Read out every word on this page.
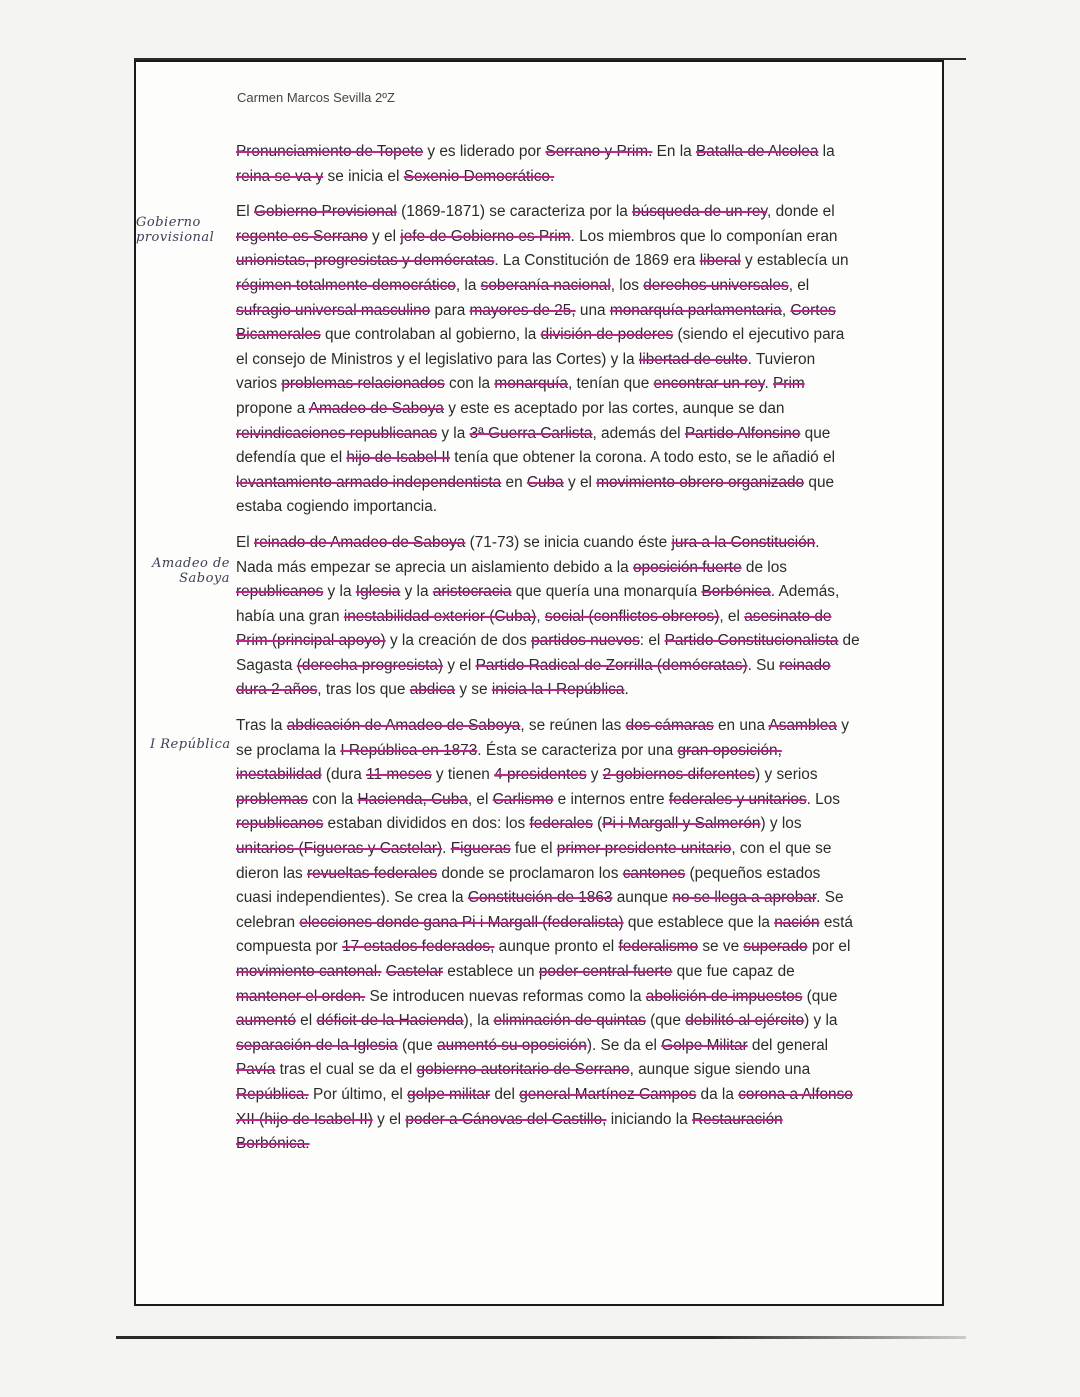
Carmen Marcos Sevilla 2ºZ
Gobierno
provisional
Amadeo de
Saboya
I República

Pronunciamiento de Topete y es liderado por Serrano y Prim. En la Batalla de Alcolea la reina se va y se inicia el Sexenio Democrático.

El Gobierno Provisional (1869-1871) se caracteriza por la búsqueda de un rey, donde el regente es Serrano y el jefe de Gobierno es Prim. Los miembros que lo componían eran unionistas, progresistas y demócratas. La Constitución de 1869 era liberal y establecía un régimen totalmente democrático, la soberanía nacional, los derechos universales, el sufragio universal masculino para mayores de 25, una monarquía parlamentaria, Cortes Bicamerales que controlaban al gobierno, la división de poderes (siendo el ejecutivo para el consejo de Ministros y el legislativo para las Cortes) y la libertad de culto. Tuvieron varios problemas relacionados con la monarquía, tenían que encontrar un rey. Prim propone a Amadeo de Saboya y este es aceptado por las cortes, aunque se dan reivindicaciones republicanas y la 3ª Guerra Carlista, además del Partido Alfonsino que defendía que el hijo de Isabel II tenía que obtener la corona. A todo esto, se le añadió el levantamiento armado independentista en Cuba y el movimiento obrero organizado que estaba cogiendo importancia.

El reinado de Amadeo de Saboya (71-73) se inicia cuando éste jura a la Constitución. Nada más empezar se aprecia un aislamiento debido a la oposición fuerte de los republicanos y la Iglesia y la aristocracia que quería una monarquía Borbónica. Además, había una gran inestabilidad exterior (Cuba), social (conflictos obreros), el asesinato de Prim (principal apoyo) y la creación de dos partidos nuevos: el Partido Constitucionalista de Sagasta (derecha progresista) y el Partido Radical de Zorrilla (demócratas). Su reinado dura 2 años, tras los que abdica y se inicia la I República.

Tras la abdicación de Amadeo de Saboya, se reúnen las dos cámaras en una Asamblea y se proclama la I República en 1873. Ésta se caracteriza por una gran oposición, inestabilidad (dura 11 meses y tienen 4 presidentes y 2 gobiernos diferentes) y serios problemas con la Hacienda, Cuba, el Carlismo e internos entre federales y unitarios. Los republicanos estaban divididos en dos: los federales (Pi i Margall y Salmerón) y los unitarios (Figueras y Castelar). Figueras fue el primer presidente unitario, con el que se dieron las revueltas federales donde se proclamaron los cantones (pequeños estados cuasi independientes). Se crea la Constitución de 1863 aunque no se llega a aprobar. Se celebran elecciones donde gana Pi i Margall (federalista) que establece que la nación está compuesta por 17 estados federados, aunque pronto el federalismo se ve superado por el movimiento cantonal. Castelar establece un poder central fuerte que fue capaz de mantener el orden. Se introducen nuevas reformas como la abolición de impuestos (que aumentó el déficit de la Hacienda), la eliminación de quintas (que debilitó al ejército) y la separación de la Iglesia (que aumentó su oposición). Se da el Golpe Militar del general Pavía tras el cual se da el gobierno autoritario de Serrano, aunque sigue siendo una República. Por último, el golpe militar del general Martínez Campos da la corona a Alfonso XII (hijo de Isabel II) y el poder a Cánovas del Castillo, iniciando la Restauración Borbónica.
